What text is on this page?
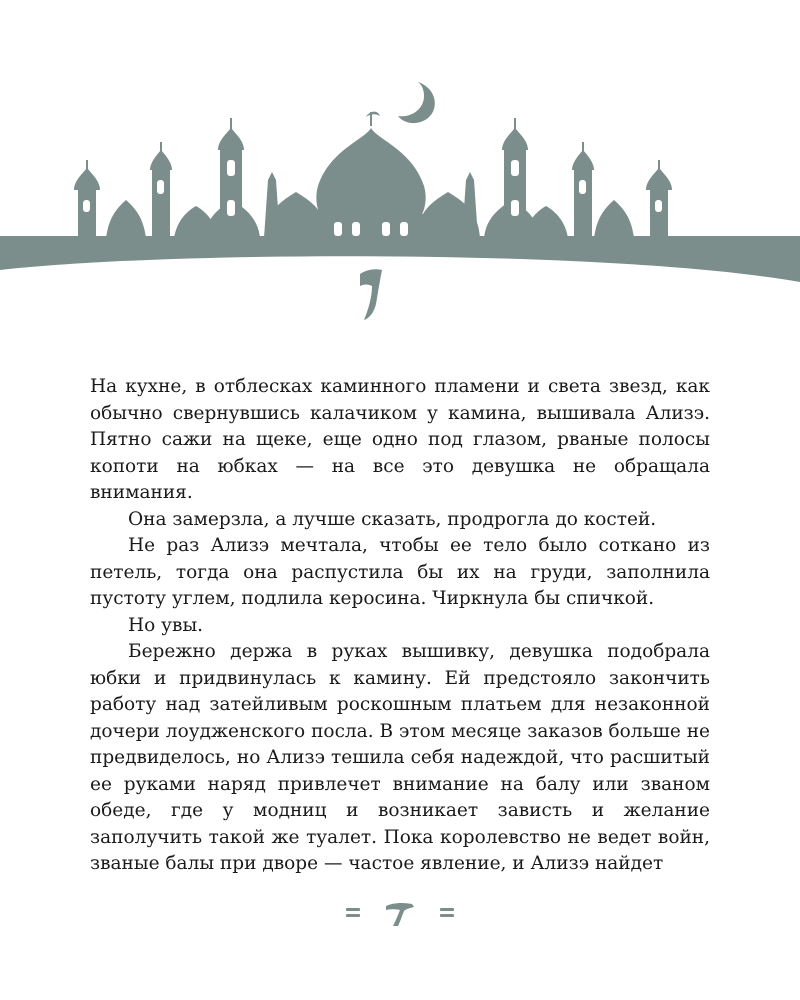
На кухне, в отблесках каминного пламени и света звезд, как обычно свернувшись калачиком у камина, вышивала Ализэ. Пятно сажи на щеке, еще одно под глазом, рваные полосы копоти на юбках — на все это девушка не обращала внимания.

Она замерзла, а лучше сказать, продрогла до костей.

Не раз Ализэ мечтала, чтобы ее тело было соткано из петель, тогда она распустила бы их на груди, заполнила пустоту углем, подлила керосина. Чиркнула бы спичкой.

Но увы.

Бережно держа в руках вышивку, девушка подобрала юбки и придвинулась к камину. Ей предстояло закончить работу над затейливым роскошным платьем для незаконной дочери лоудженского посла. В этом месяце заказов больше не предвиделось, но Ализэ тешила себя надеждой, что расшитый ее руками наряд привлечет внимание на балу или званом обеде, где у модниц и возникает зависть и желание заполучить такой же туалет. Пока королевство не ведет войн, званые балы при дворе — частое явление, и Ализэ найдет
